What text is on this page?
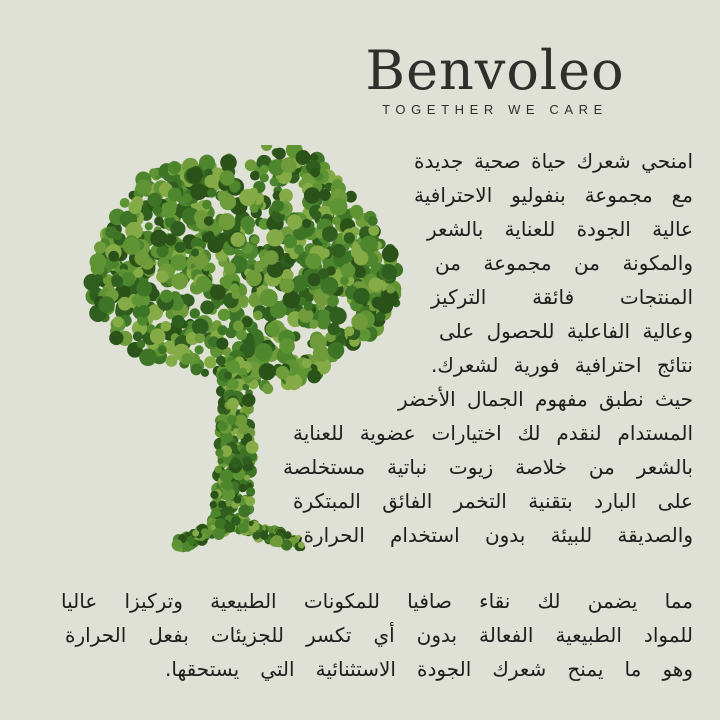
Benvoleo
TOGETHER WE CARE
امنحي شعرك حياة صحية جديدة
مع مجموعة بنفوليو الاحترافية
عالية الجودة للعناية بالشعر
والمكونة من مجموعة من
المنتجات فائقة التركيز
وعالية الفاعلية للحصول على
نتائج احترافية فورية لشعرك.
حيث نطبق مفهوم الجمال الأخضر
المستدام لنقدم لك اختيارات عضوية للعناية
بالشعر من خلاصة زيوت نباتية مستخلصة
على البارد بتقنية التخمر الفائق المبتكرة
والصديقة للبيئة بدون استخدام الحرارة،
مما يضمن لك نقاء صافيا للمكونات الطبيعية وتركيزا عاليا
للمواد الطبيعية الفعالة بدون أي تكسر للجزيئات بفعل الحرارة
وهو ما يمنح شعرك الجودة الاستثنائية التي يستحقها.
